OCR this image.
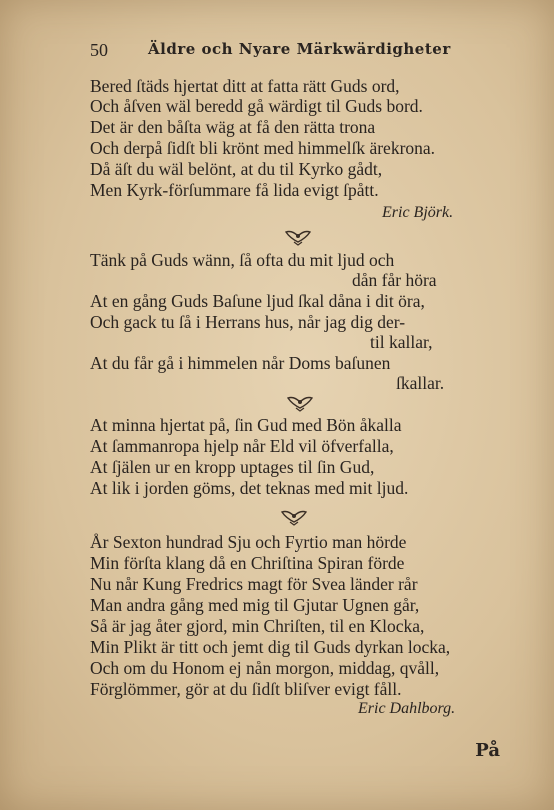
50	Äldre och Nyare Märkwärdigheter
Bered ſtäds hjertat ditt at fatta rätt Guds ord,
Och åſven wäl beredd gå wärdigt til Guds bord.
Det är den båſta wäg at få den rätta trona
Och derpå ſidſt bli krönt med himmelſk ärekrona.
Då äſt du wäl belönt, at du til Kyrko gådt,
Men Kyrk-förſummare få lida evigt ſpått.
Eric Björk.
Tänk på Guds wänn, ſå ofta du mit ljud och
dån får höra
At en gång Guds Baſune ljud ſkal dåna i dit öra,
Och gack tu ſå i Herrans hus, når jag dig der-
til kallar,
At du får gå i himmelen når Doms baſunen
ſkallar.
At minna hjertat på, ſin Gud med Bön åkalla
At ſammanropa hjelp når Eld vil öfverfalla,
At ſjälen ur en kropp uptages til ſin Gud,
At lik i jorden göms, det teknas med mit ljud.
År Sexton hundrad Sju och Fyrtio man hörde
Min förſta klang då en Chriſtina Spiran förde
Nu når Kung Fredrics magt för Svea länder rår
Man andra gång med mig til Gjutar Ugnen går,
Så är jag åter gjord, min Chriſten, til en Klocka,
Min Plikt är titt och jemt dig til Guds dyrkan locka,
Och om du Honom ej nån morgon, middag, qvåll,
Förglömmer, gör at du ſidſt bliſver evigt fåll.
Eric Dahlborg.
På
